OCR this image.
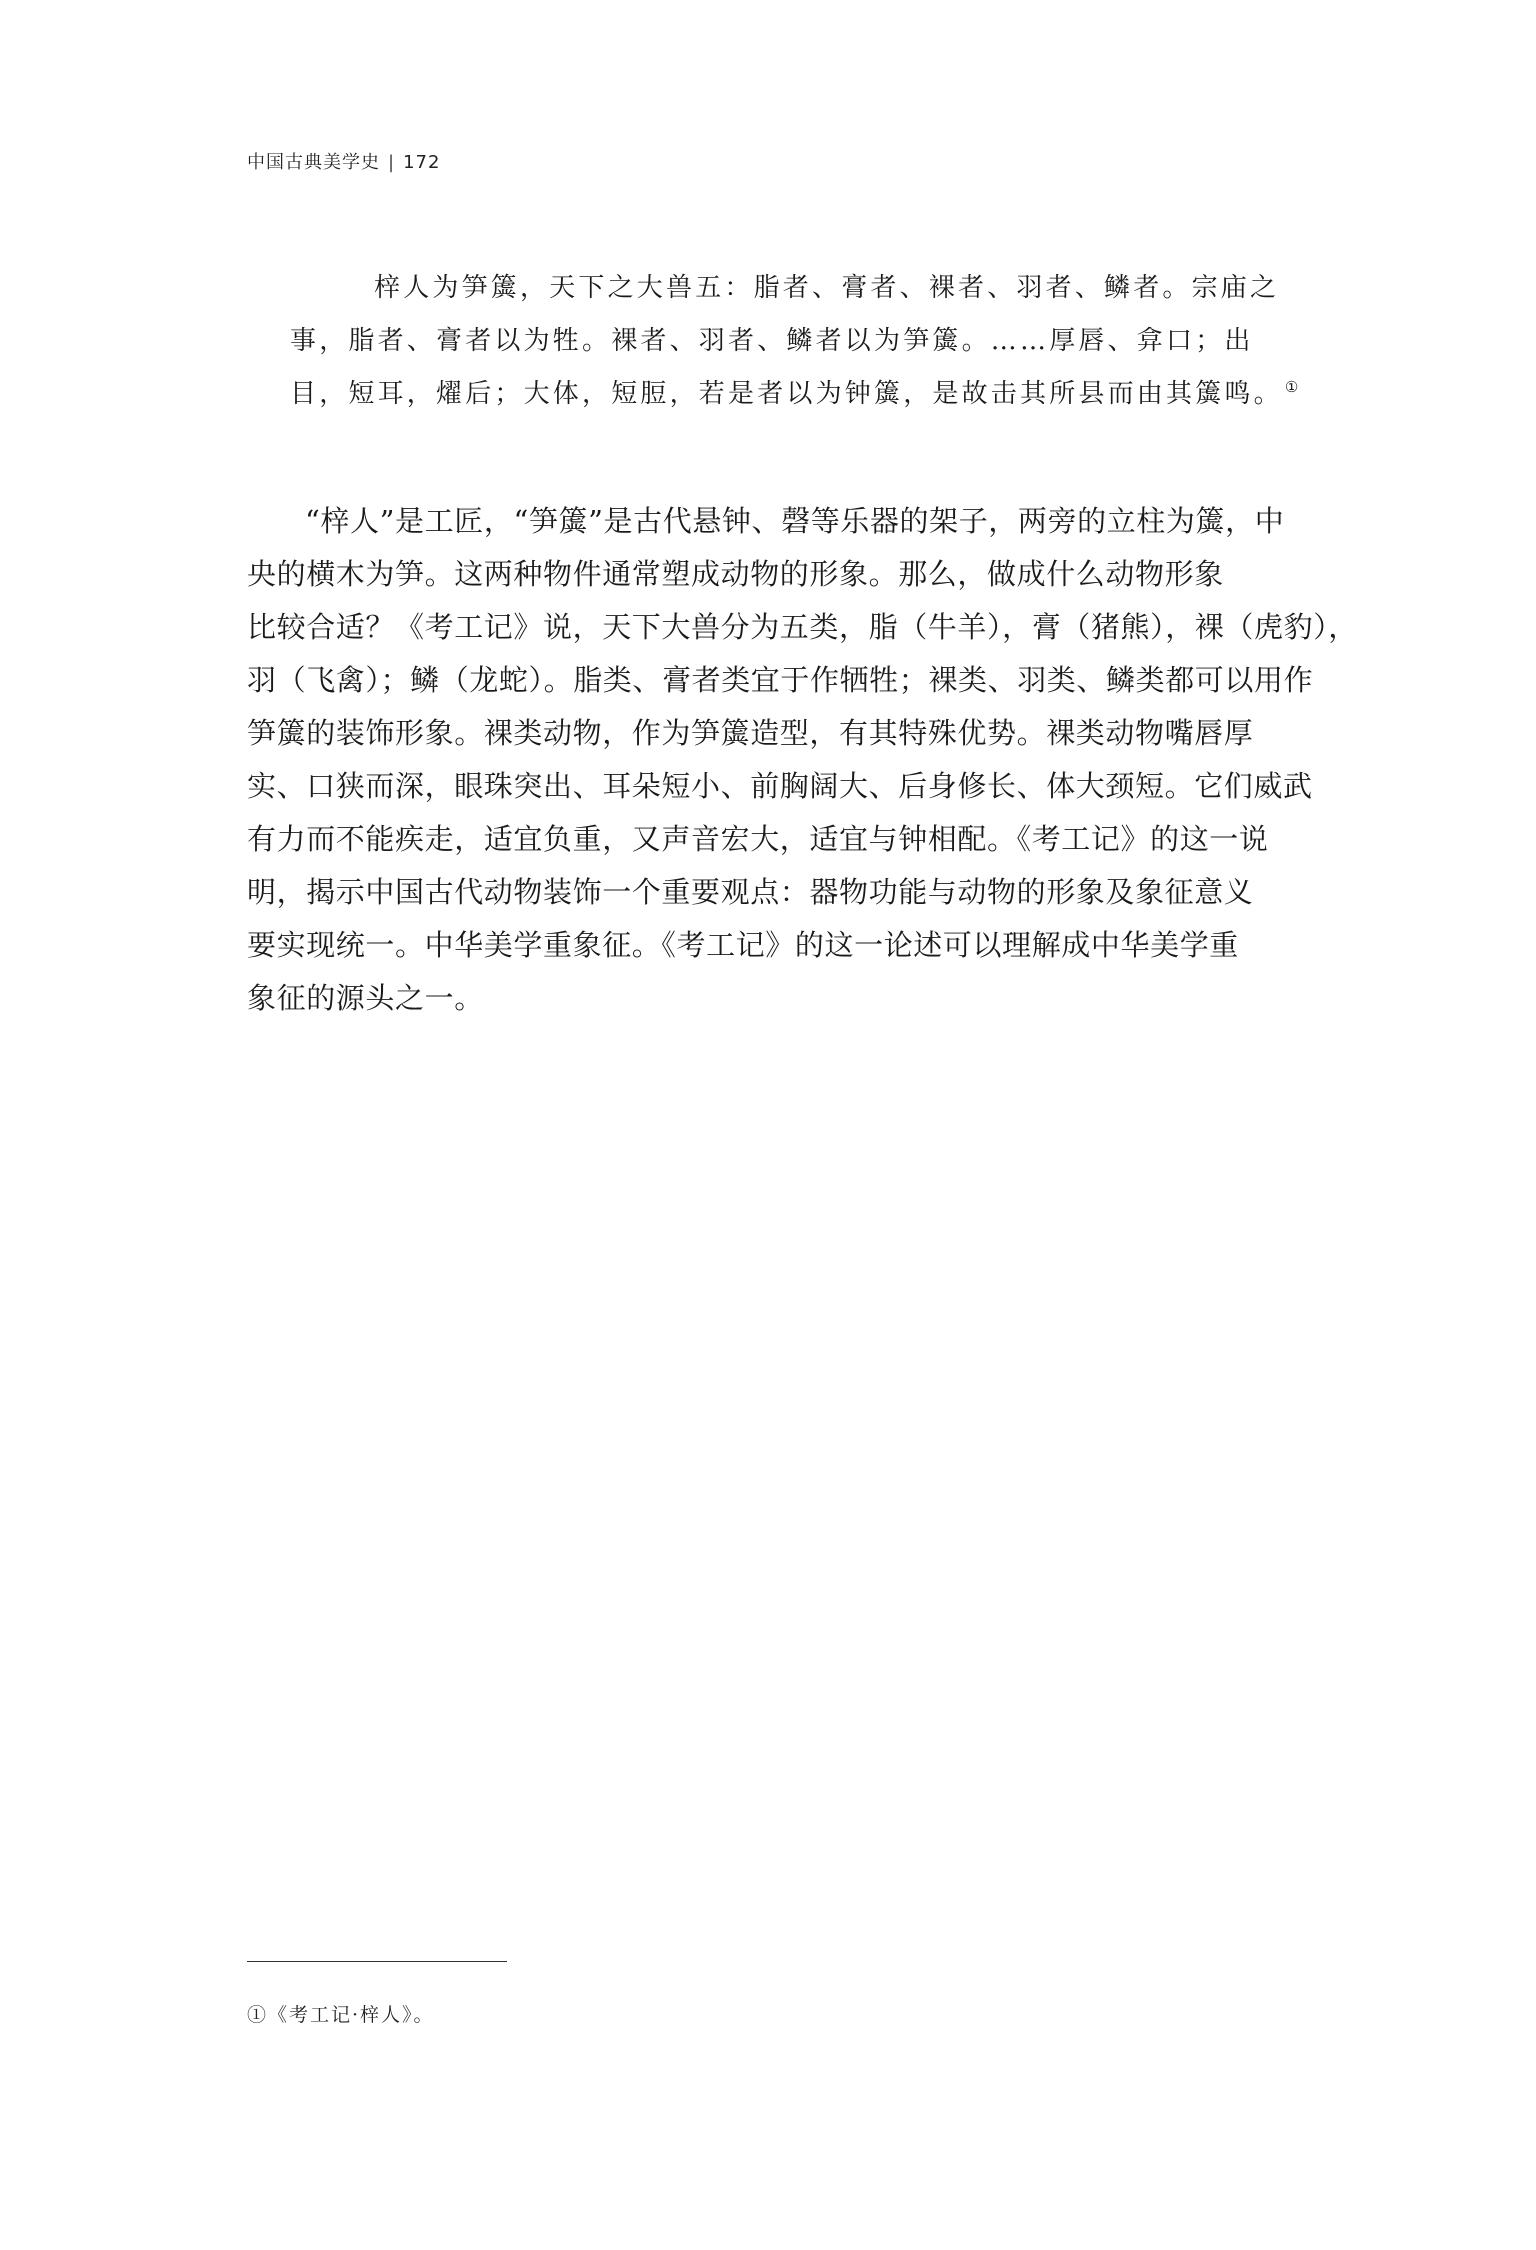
中国古典美学史 | 172
梓人为笋簴，天下之大兽五：脂者、膏者、裸者、羽者、鳞者。宗庙之
事，脂者、膏者以为牲。裸者、羽者、鳞者以为笋簴。……厚唇、弇口；出
目，短耳，燿后；大体，短脰，若是者以为钟簴，是故击其所县而由其簴鸣。 ①
“梓人”是工匠，“笋簴”是古代悬钟、磬等乐器的架子，两旁的立柱为簴，中
央的横木为笋。这两种物件通常塑成动物的形象。那么，做成什么动物形象
比较合适？《考工记》说，天下大兽分为五类，脂（牛羊），膏（猪熊），裸（虎豹），
羽（飞禽）；鳞（龙蛇）。脂类、膏者类宜于作牺牲；裸类、羽类、鳞类都可以用作
笋簴的装饰形象。裸类动物，作为笋簴造型，有其特殊优势。裸类动物嘴唇厚
实、口狭而深，眼珠突出、耳朵短小、前胸阔大、后身修长、体大颈短。它们威武
有力而不能疾走，适宜负重，又声音宏大，适宜与钟相配。《考工记》的这一说
明，揭示中国古代动物装饰一个重要观点：器物功能与动物的形象及象征意义
要实现统一。中华美学重象征。《考工记》的这一论述可以理解成中华美学重
象征的源头之一。
①《考工记·梓人》。
